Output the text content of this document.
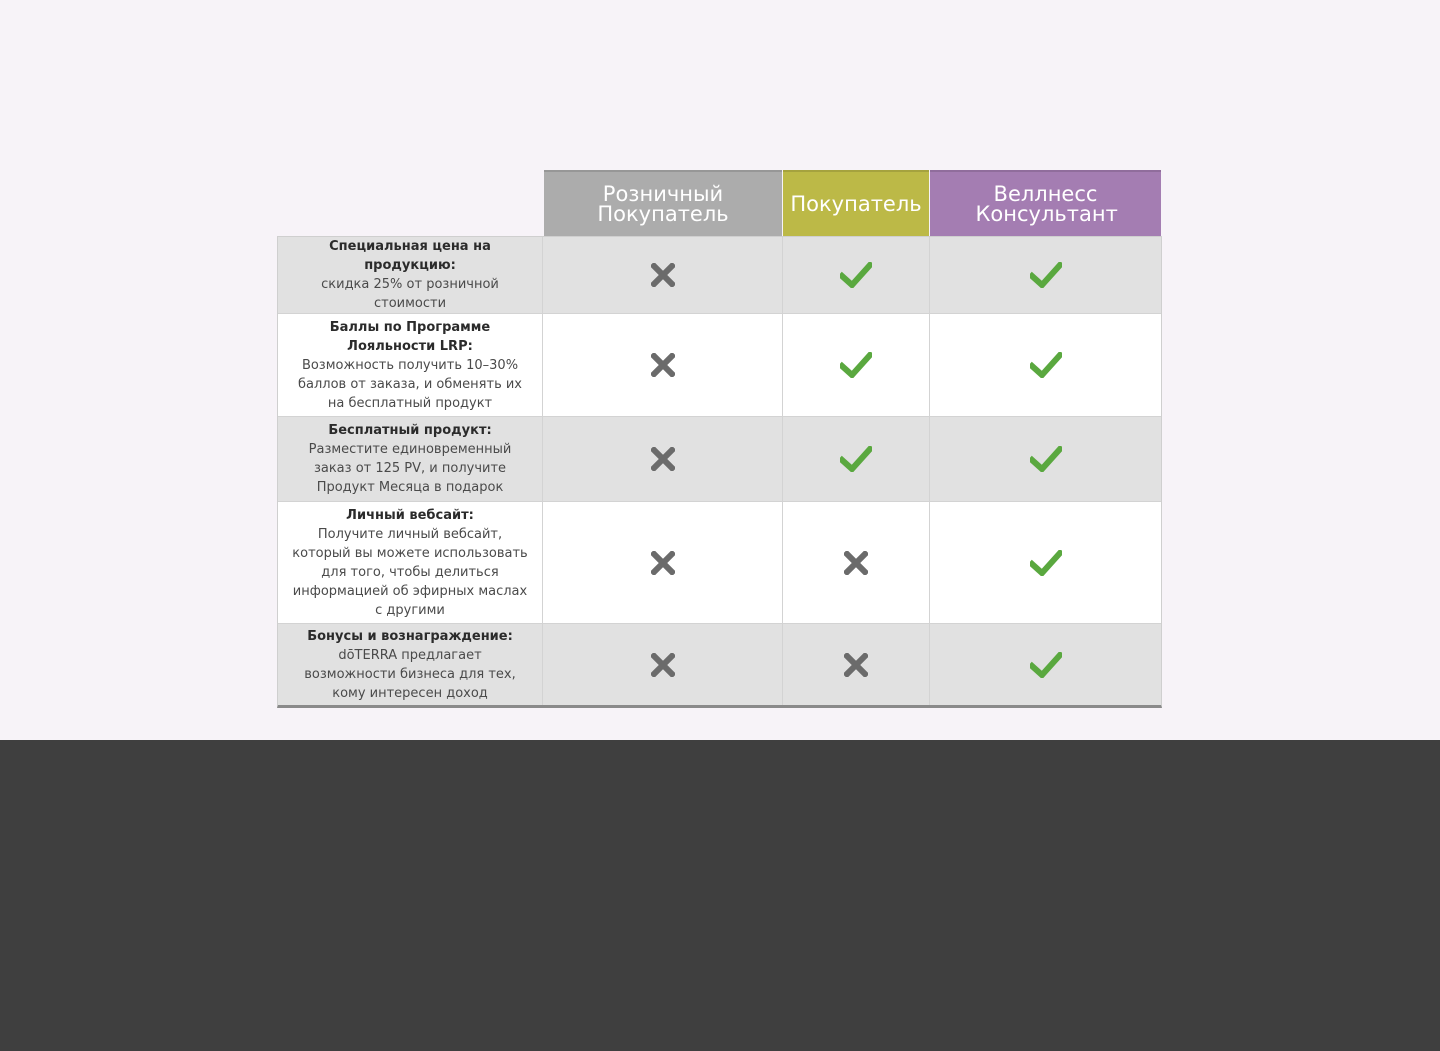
Розничный Покупатель	Покупатель	Веллнесс Консультант
Специальная цена на продукцию:
скидка 25% от розничной стоимости
Баллы по Программе Лояльности LRP:
Возможность получить 10–30% баллов от заказа, и обменять их на бесплатный продукт
Бесплатный продукт:
Разместите единовременный заказ от 125 PV, и получите Продукт Месяца в подарок
Личный вебсайт:
Получите личный вебсайт, который вы можете использовать для того, чтобы делиться информацией об эфирных маслах с другими
Бонусы и вознаграждение:
dōTERRA предлагает возможности бизнеса для тех, кому интересен доход
